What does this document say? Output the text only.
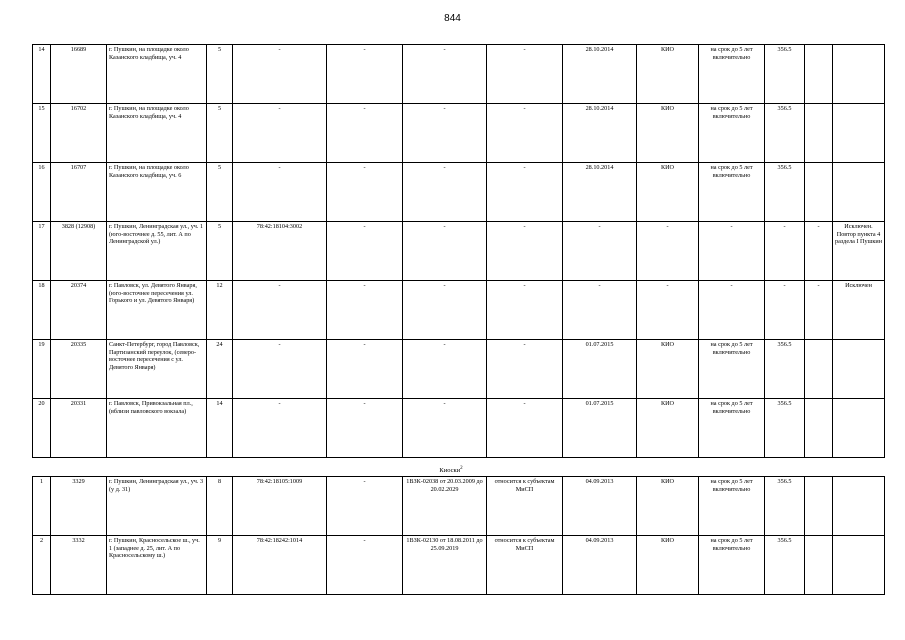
844
14	16689	г. Пушкин, на площадке около Казанского кладбища, уч. 4	5	-	-	-	-	28.10.2014	КИО	на срок до 5 лет включительно	356.5		
15	16702	г. Пушкин, на площадке около Казанского кладбища, уч. 4	5	-	-	-	-	28.10.2014	КИО	на срок до 5 лет включительно	356.5		
16	16707	г. Пушкин, на площадке около Казанского кладбища, уч. 6	5	-	-	-	-	28.10.2014	КИО	на срок до 5 лет включительно	356.5		
17	3828 (12908)	г. Пушкин, Ленинградская ул., уч. 1 (юго-восточнее д. 55, лит. А по Ленинградской ул.)	5	78:42:18104:3002	-	-	-	-	-	-	-	-	Исключен. Повтор пункта 4 раздела I Пушкин
18	20374	г. Павловск, ул. Девятого Января, (юго-восточнее пересечения ул. Горького и ул. Девятого Января)	12	-	-	-	-	-	-	-	-	-	Исключен
19	20335	Санкт-Петербург, город Павловск, Партизанский переулок, (северо-восточнее пересечения с ул. Девятого Января)	24	-	-	-	-	01.07.2015	КИО	на срок до 5 лет включительно	356.5		
20	20331	г. Павловск, Привокзальная пл., (вблизи павловского вокзала)	14	-	-	-	-	01.07.2015	КИО	на срок до 5 лет включительно	356.5		
Киоски$^2$
1	3329	г. Пушкин, Ленинградская ул., уч. 3 (у д. 31)	8	78:42:18105:1009	-	1ВЗК-02038 от 20.03.2009 до 20.02.2029	относится к субъектам МиСП	04.09.2013	КИО	на срок до 5 лет включительно	356.5		
2	3332	г. Пушкин, Красносельское ш., уч. 1 (западнее д. 25, лит. А по Красносельскому ш.)	9	78:42:18242:1014	-	1ВЗК-02130 от 18.08.2011 до 25.09.2019	относится к субъектам МиСП	04.09.2013	КИО	на срок до 5 лет включительно	356.5		
